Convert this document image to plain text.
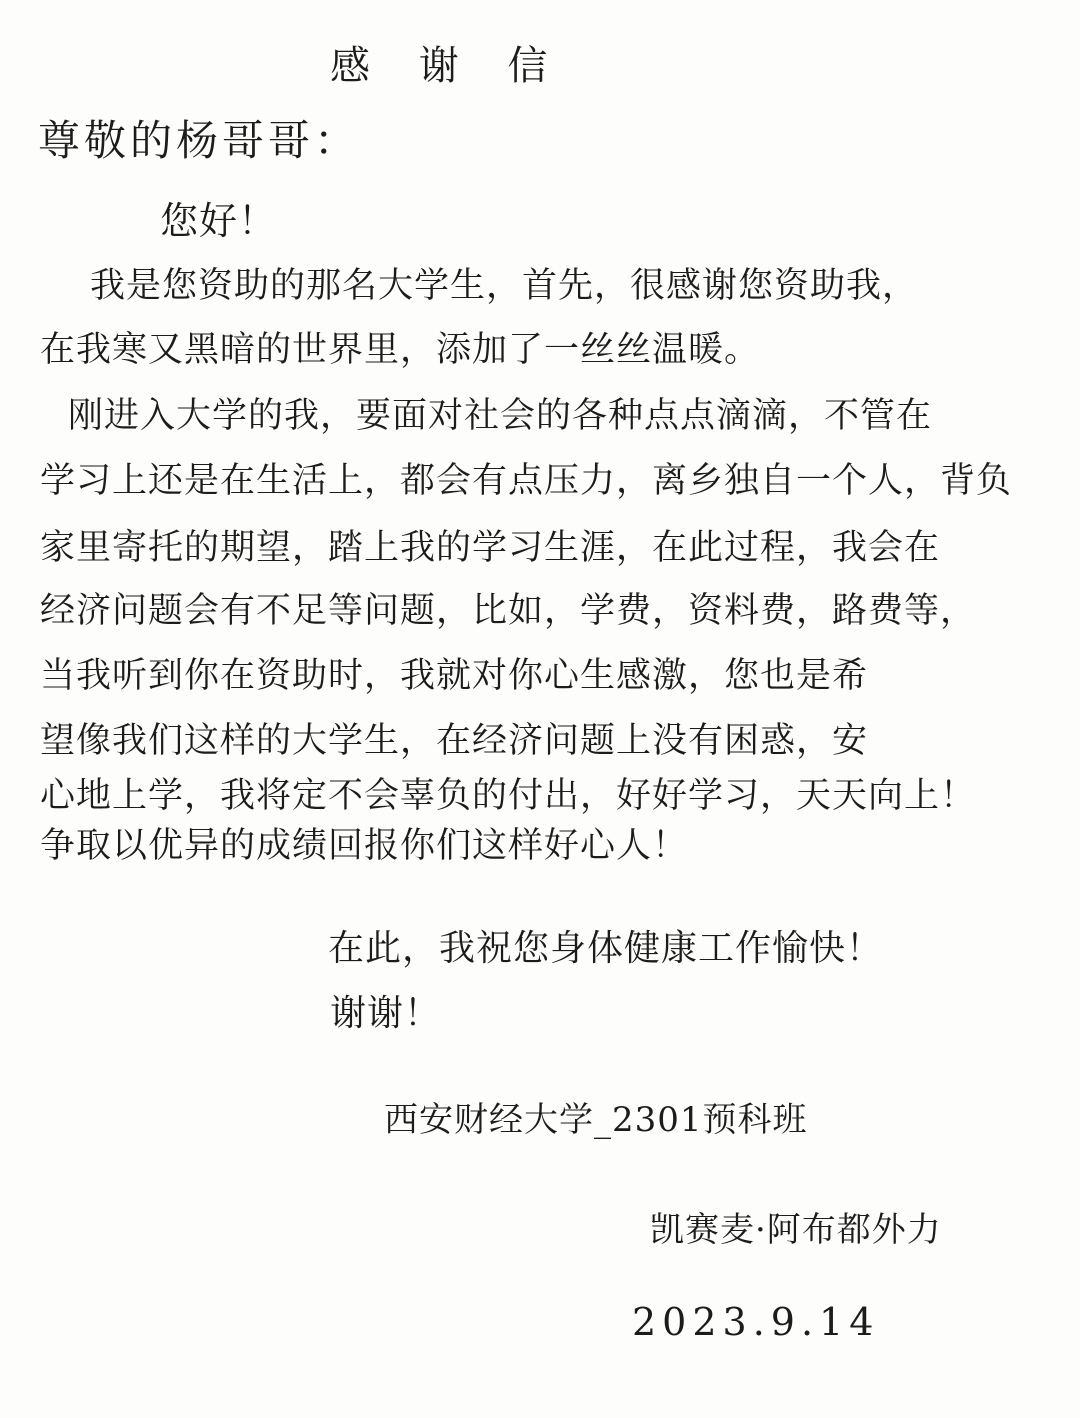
感 谢 信
尊敬的杨哥哥：
您好！
我是您资助的那名大学生，首先，很感谢您资助我，
在我寒又黑暗的世界里，添加了一丝丝温暖。
刚进入大学的我，要面对社会的各种点点滴滴，不管在
学习上还是在生活上，都会有点压力，离乡独自一个人，背负
家里寄托的期望，踏上我的学习生涯，在此过程，我会在
经济问题会有不足等问题，比如，学费，资料费，路费等，
当我听到你在资助时，我就对你心生感激，您也是希
望像我们这样的大学生，在经济问题上没有困惑，安
心地上学，我将定不会辜负的付出，好好学习，天天向上！
争取以优异的成绩回报你们这样好心人！
在此，我祝您身体健康工作愉快！
谢谢！
西安财经大学_2301预科班
凯赛麦·阿布都外力
2023.9.14
